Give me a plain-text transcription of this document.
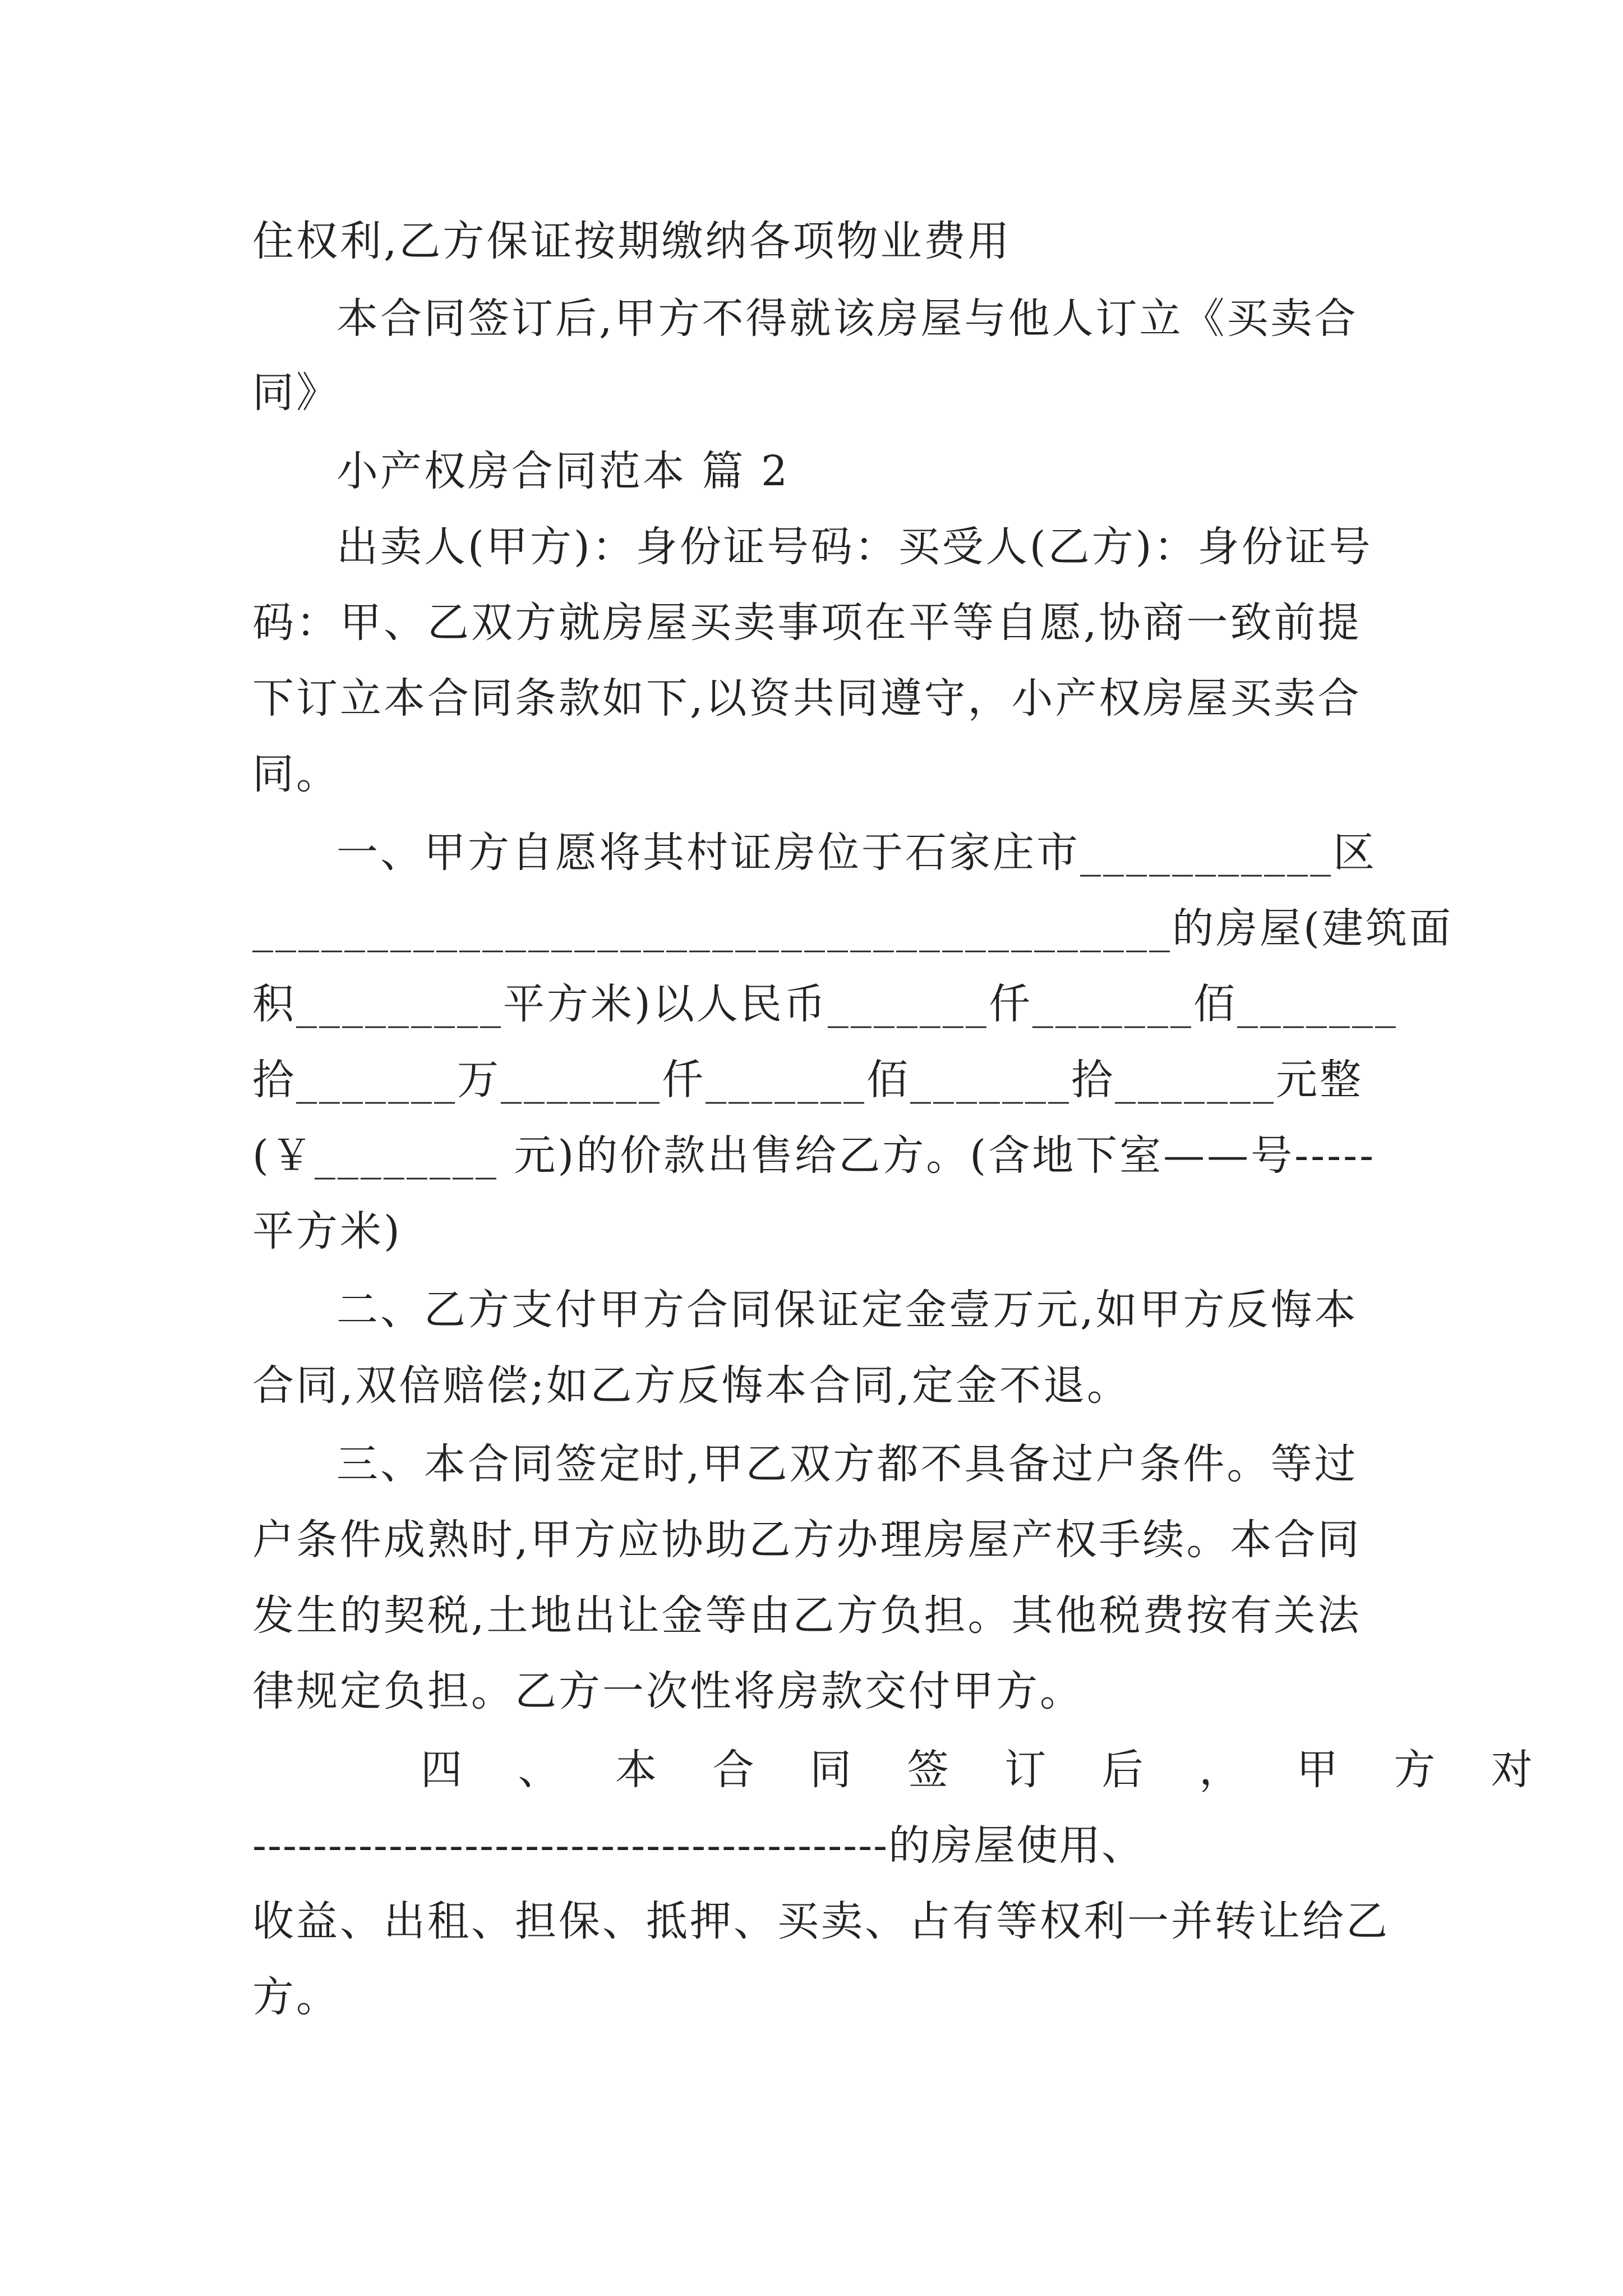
住权利,乙方保证按期缴纳各项物业费用
本合同签订后,甲方不得就该房屋与他人订立《买卖合
同》
小产权房合同范本 篇 2
出卖人(甲方)：身份证号码：买受人(乙方)：身份证号
码：甲、乙双方就房屋买卖事项在平等自愿,协商一致前提
下订立本合同条款如下,以资共同遵守，小产权房屋买卖合
同。
一、甲方自愿将其村证房位于石家庄市___________区
________________________________________的房屋(建筑面
积_________平方米)以人民币_______仟_______佰_______
拾_______万_______仟_______佰_______拾_______元整
(￥________ 元)的价款出售给乙方。(含地下室——号-----
平方米)
二、乙方支付甲方合同保证定金壹万元,如甲方反悔本
合同,双倍赔偿;如乙方反悔本合同,定金不退。
三、本合同签定时,甲乙双方都不具备过户条件。等过
户条件成熟时,甲方应协助乙方办理房屋产权手续。本合同
发生的契税,土地出让金等由乙方负担。其他税费按有关法
律规定负担。乙方一次性将房款交付甲方。
四 、 本 合 同 签 订 后 ， 甲 方 对
------------------------------------------的房屋使用、
收益、出租、担保、抵押、买卖、占有等权利一并转让给乙
方。
